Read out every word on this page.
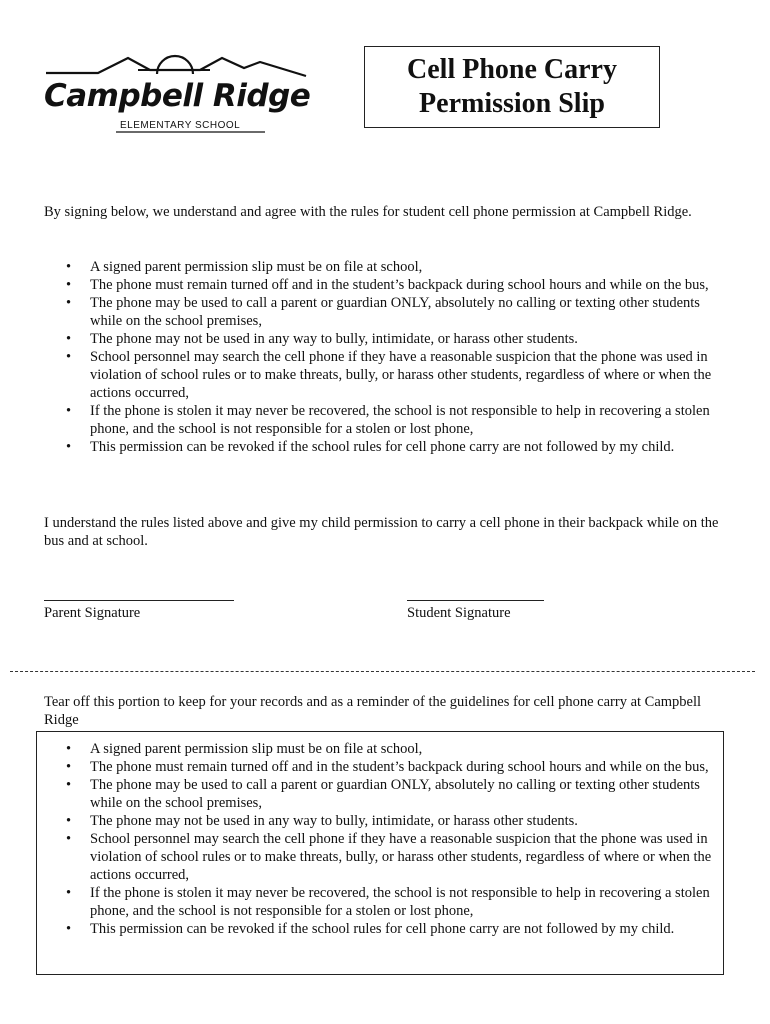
Campbell Ridge
ELEMENTARY SCHOOL
Cell Phone Carry
Permission Slip
By signing below, we understand and agree with the rules for student cell phone permission at Campbell Ridge.
• A signed parent permission slip must be on file at school,
• The phone must remain turned off and in the student’s backpack during school hours and while on the bus,
• The phone may be used to call a parent or guardian ONLY, absolutely no calling or texting other students while on the school premises,
• The phone may not be used in any way to bully, intimidate, or harass other students.
• School personnel may search the cell phone if they have a reasonable suspicion that the phone was used in violation of school rules or to make threats, bully, or harass other students, regardless of where or when the actions occurred,
• If the phone is stolen it may never be recovered, the school is not responsible to help in recovering a stolen phone, and the school is not responsible for a stolen or lost phone,
• This permission can be revoked if the school rules for cell phone carry are not followed by my child.
I understand the rules listed above and give my child permission to carry a cell phone in their backpack while on the bus and at school.
Parent Signature	Student Signature
Tear off this portion to keep for your records and as a reminder of the guidelines for cell phone carry at Campbell Ridge
• A signed parent permission slip must be on file at school,
• The phone must remain turned off and in the student’s backpack during school hours and while on the bus,
• The phone may be used to call a parent or guardian ONLY, absolutely no calling or texting other students while on the school premises,
• The phone may not be used in any way to bully, intimidate, or harass other students.
• School personnel may search the cell phone if they have a reasonable suspicion that the phone was used in violation of school rules or to make threats, bully, or harass other students, regardless of where or when the actions occurred,
• If the phone is stolen it may never be recovered, the school is not responsible to help in recovering a stolen phone, and the school is not responsible for a stolen or lost phone,
• This permission can be revoked if the school rules for cell phone carry are not followed by my child.
